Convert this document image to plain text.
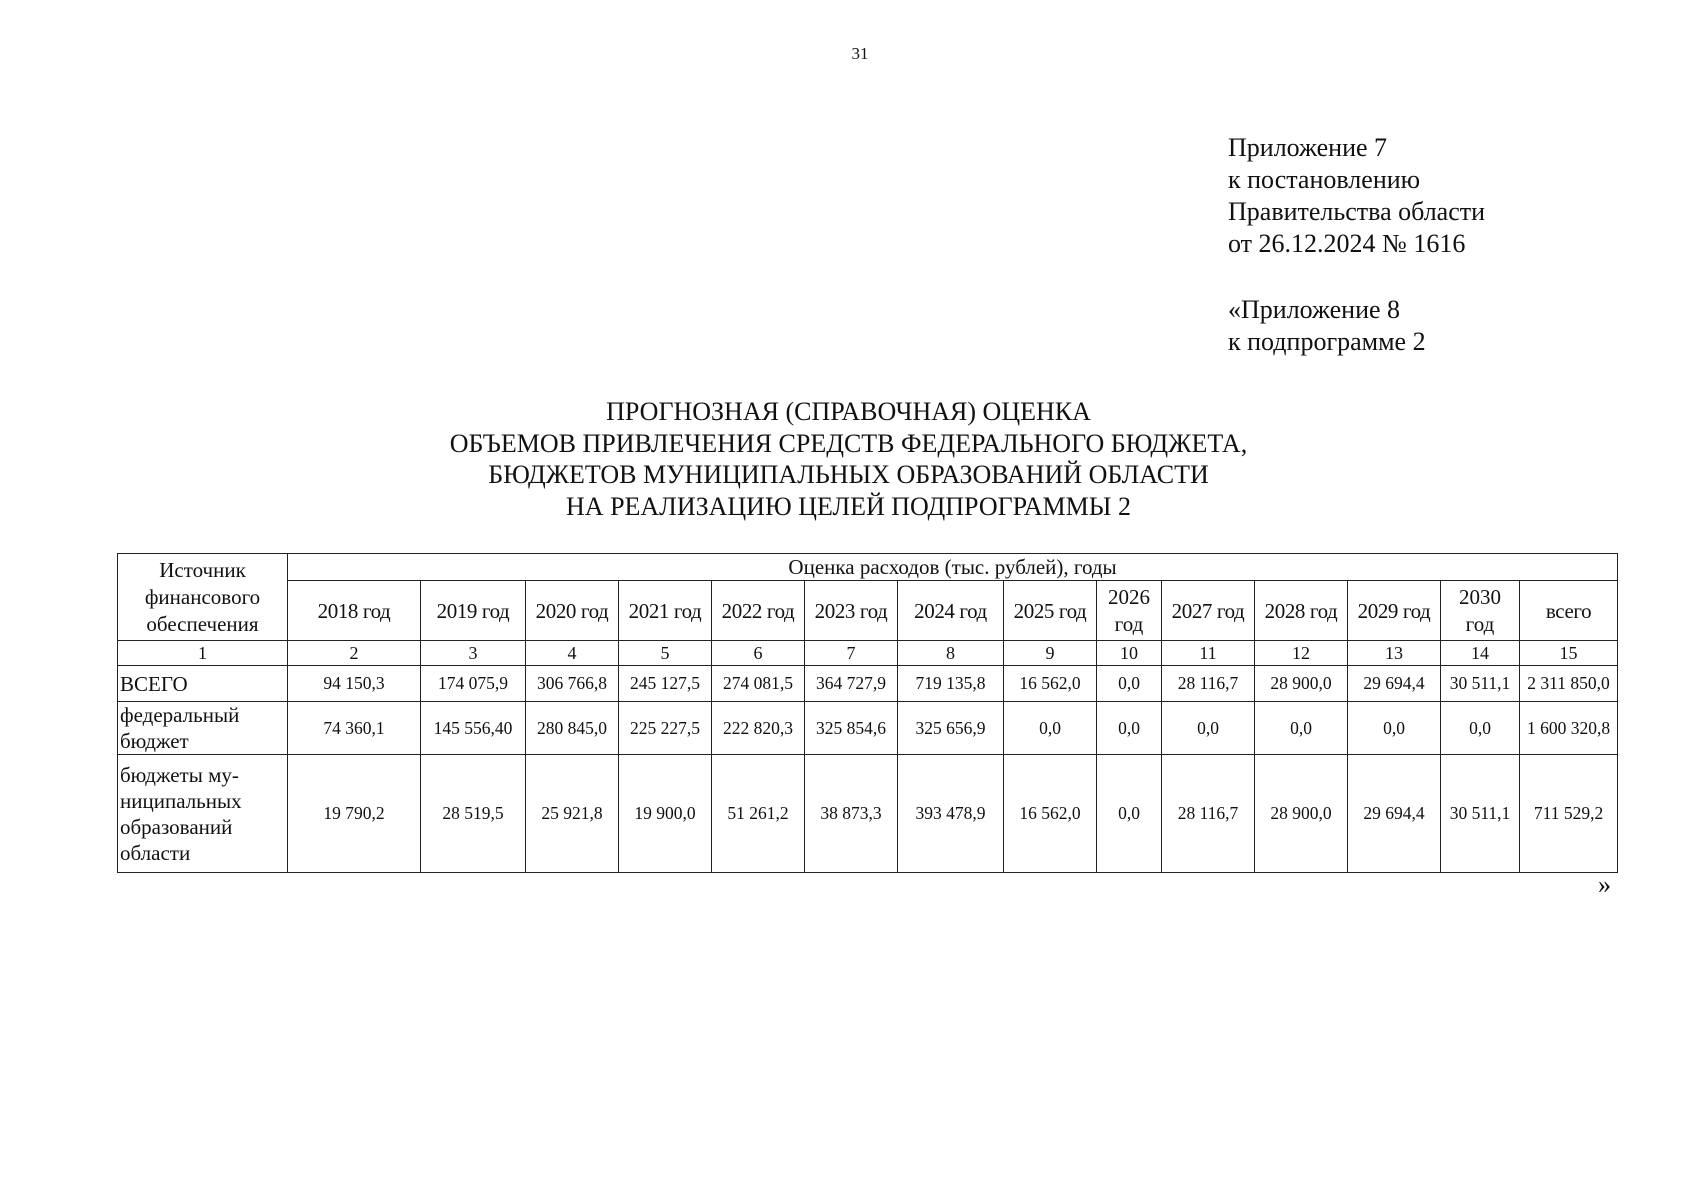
31
Приложение 7
к постановлению
Правительства области
от 26.12.2024 № 1616
«Приложение 8
к подпрограмме 2
ПРОГНОЗНАЯ (СПРАВОЧНАЯ) ОЦЕНКА
ОБЪЕМОВ ПРИВЛЕЧЕНИЯ СРЕДСТВ ФЕДЕРАЛЬНОГО БЮДЖЕТА,
БЮДЖЕТОВ МУНИЦИПАЛЬНЫХ ОБРАЗОВАНИЙ ОБЛАСТИ
НА РЕАЛИЗАЦИЮ ЦЕЛЕЙ ПОДПРОГРАММЫ 2
Источник финансового обеспечения	Оценка расходов (тыс. рублей), годы													
	2018 год	2019 год	2020 год	2021 год	2022 год	2023 год	2024 год	2025 год	2026 год	2027 год	2028 год	2029 год	2030 год	всего
1	2	3	4	5	6	7	8	9	10	11	12	13	14	15
ВСЕГО	94 150,3	174 075,9	306 766,8	245 127,5	274 081,5	364 727,9	719 135,8	16 562,0	0,0	28 116,7	28 900,0	29 694,4	30 511,1	2 311 850,0
федеральный бюджет	74 360,1	145 556,40	280 845,0	225 227,5	222 820,3	325 854,6	325 656,9	0,0	0,0	0,0	0,0	0,0	0,0	1 600 320,8
бюджеты му-ниципальных образований области	19 790,2	28 519,5	25 921,8	19 900,0	51 261,2	38 873,3	393 478,9	16 562,0	0,0	28 116,7	28 900,0	29 694,4	30 511,1	711 529,2
»
